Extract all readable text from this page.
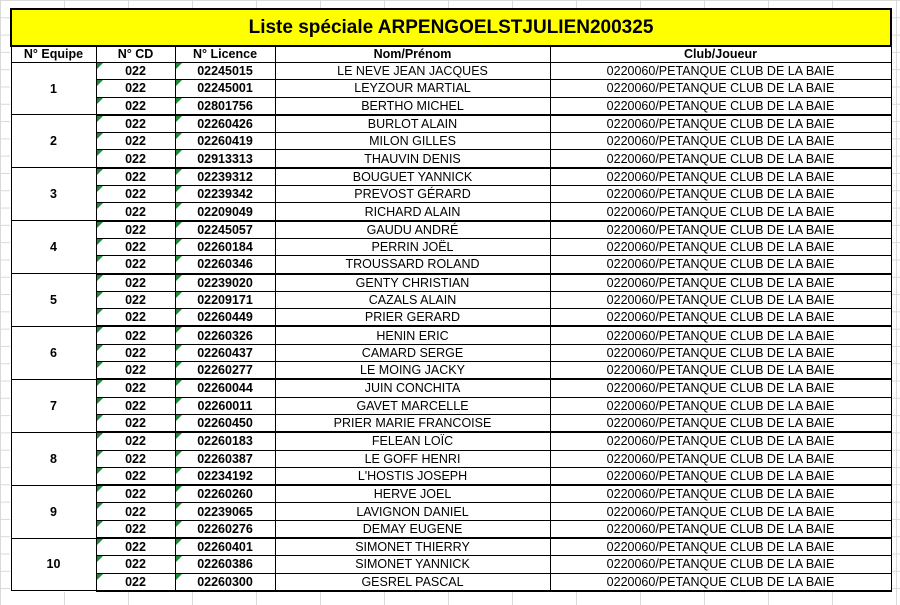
Liste spéciale ARPENGOELSTJULIEN200325				
N° Equipe	N° CD	N° Licence	Nom/Prénom	Club/Joueur
1	022	02245015	LE NEVE JEAN JACQUES	0220060/PETANQUE CLUB DE LA BAIE
	022	02245001	LEYZOUR MARTIAL	0220060/PETANQUE CLUB DE LA BAIE
	022	02801756	BERTHO MICHEL	0220060/PETANQUE CLUB DE LA BAIE
2	022	02260426	BURLOT ALAIN	0220060/PETANQUE CLUB DE LA BAIE
	022	02260419	MILON GILLES	0220060/PETANQUE CLUB DE LA BAIE
	022	02913313	THAUVIN DENIS	0220060/PETANQUE CLUB DE LA BAIE
3	022	02239312	BOUGUET YANNICK	0220060/PETANQUE CLUB DE LA BAIE
	022	02239342	PREVOST GÉRARD	0220060/PETANQUE CLUB DE LA BAIE
	022	02209049	RICHARD ALAIN	0220060/PETANQUE CLUB DE LA BAIE
4	022	02245057	GAUDU ANDRÉ	0220060/PETANQUE CLUB DE LA BAIE
	022	02260184	PERRIN JOËL	0220060/PETANQUE CLUB DE LA BAIE
	022	02260346	TROUSSARD ROLAND	0220060/PETANQUE CLUB DE LA BAIE
5	022	02239020	GENTY CHRISTIAN	0220060/PETANQUE CLUB DE LA BAIE
	022	02209171	CAZALS ALAIN	0220060/PETANQUE CLUB DE LA BAIE
	022	02260449	PRIER GERARD	0220060/PETANQUE CLUB DE LA BAIE
6	022	02260326	HENIN ERIC	0220060/PETANQUE CLUB DE LA BAIE
	022	02260437	CAMARD SERGE	0220060/PETANQUE CLUB DE LA BAIE
	022	02260277	LE MOING JACKY	0220060/PETANQUE CLUB DE LA BAIE
7	022	02260044	JUIN CONCHITA	0220060/PETANQUE CLUB DE LA BAIE
	022	02260011	GAVET MARCELLE	0220060/PETANQUE CLUB DE LA BAIE
	022	02260450	PRIER MARIE FRANCOISE	0220060/PETANQUE CLUB DE LA BAIE
8	022	02260183	FELEAN LOÏC	0220060/PETANQUE CLUB DE LA BAIE
	022	02260387	LE GOFF HENRI	0220060/PETANQUE CLUB DE LA BAIE
	022	02234192	L'HOSTIS JOSEPH	0220060/PETANQUE CLUB DE LA BAIE
9	022	02260260	HERVE JOEL	0220060/PETANQUE CLUB DE LA BAIE
	022	02239065	LAVIGNON DANIEL	0220060/PETANQUE CLUB DE LA BAIE
	022	02260276	DEMAY EUGENE	0220060/PETANQUE CLUB DE LA BAIE
10	022	02260401	SIMONET THIERRY	0220060/PETANQUE CLUB DE LA BAIE
	022	02260386	SIMONET YANNICK	0220060/PETANQUE CLUB DE LA BAIE
	022	02260300	GESREL PASCAL	0220060/PETANQUE CLUB DE LA BAIE
